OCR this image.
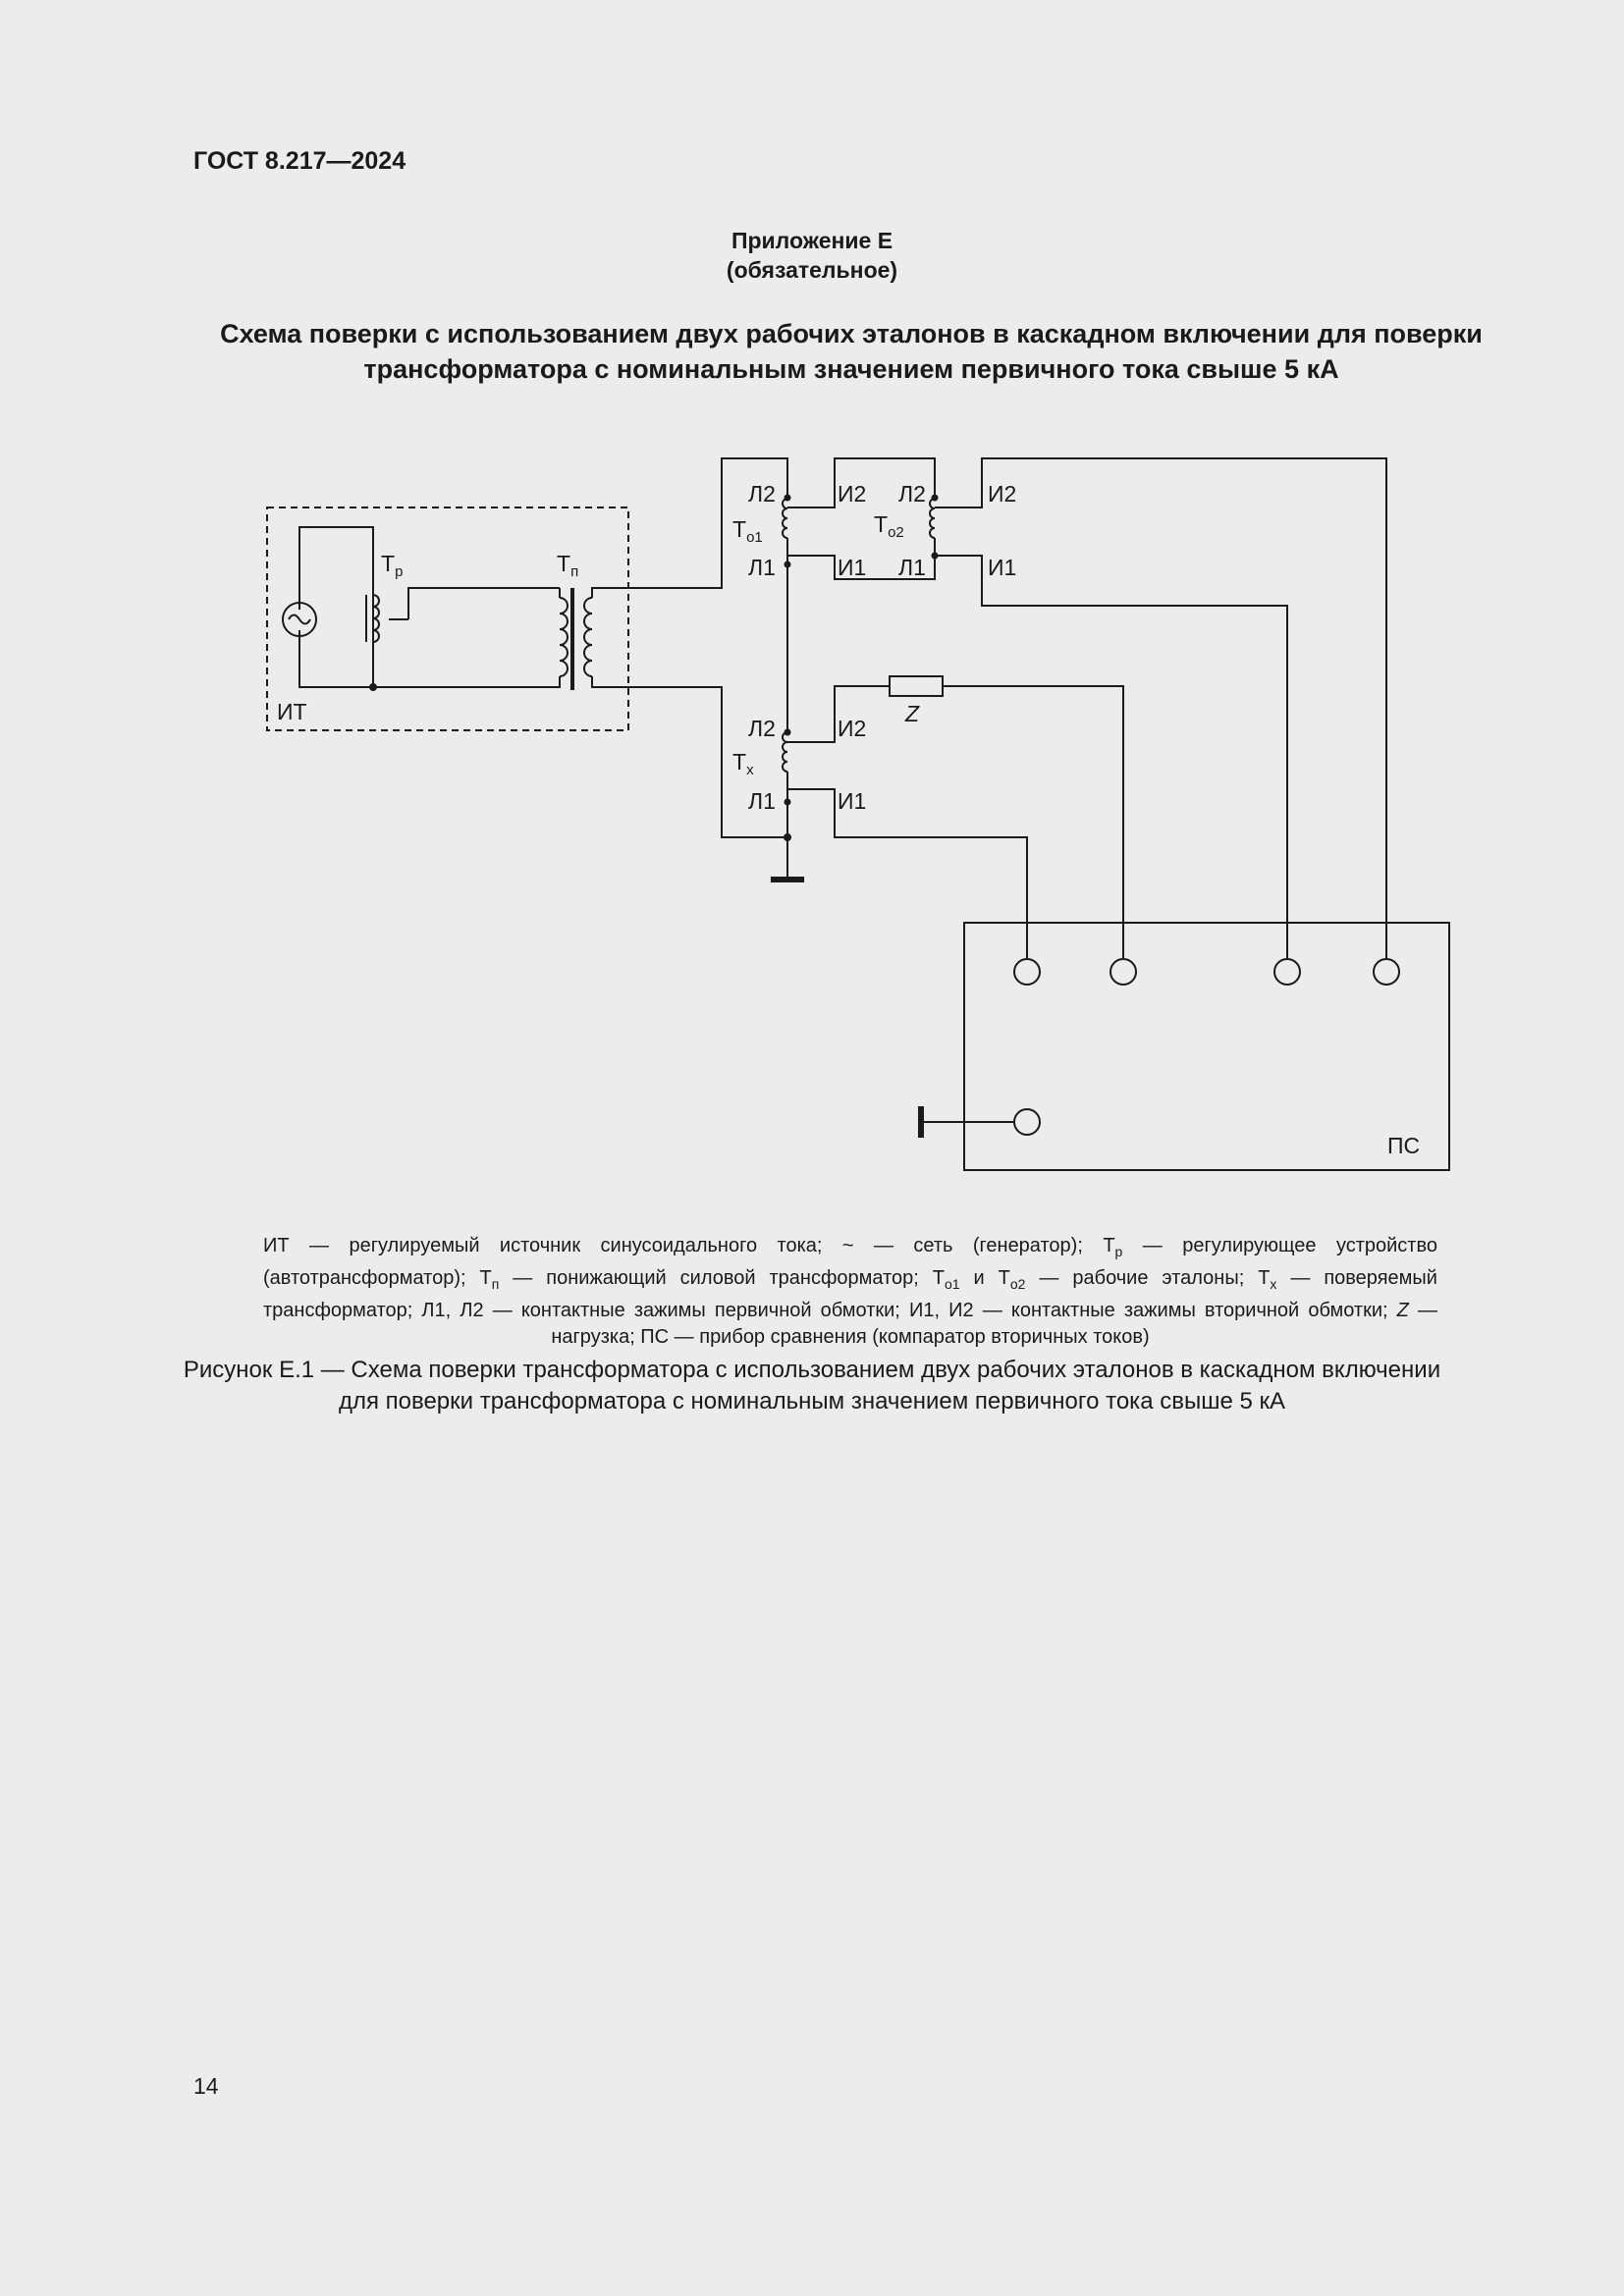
ГОСТ 8.217—2024
Приложение Е
(обязательное)
Схема поверки с использованием двух рабочих эталонов в каскадном включении для поверки трансформатора с номинальным значением первичного тока свыше 5 кА
ИТ
$Т_р$	$Т_п$
Л2
Л1
И2
И1
$Т_{о1}$
Л2
Л1
И2
И1
$Т_{о2}$
Л2
Л1
И2
И1
$Т_х$
Z
ПС
ИТ — регулируемый источник синусоидального тока; ~ — сеть (генератор); $Т_р$ — регулирующее устройство (автотрансформатор); $Т_п$ — понижающий силовой трансформатор; $Т_{о1}$ и $Т_{о2}$ — рабочие эталоны; $Т_х$ — поверяемый трансформатор; Л1, Л2 — контактные зажимы первичной обмотки; И1, И2 — контактные зажимы вторичной обмотки; Z — нагрузка; ПС — прибор сравнения (компаратор вторичных токов)
Рисунок Е.1 — Схема поверки трансформатора с использованием двух рабочих эталонов в каскадном включении для поверки трансформатора с номинальным значением первичного тока свыше 5 кА
14
